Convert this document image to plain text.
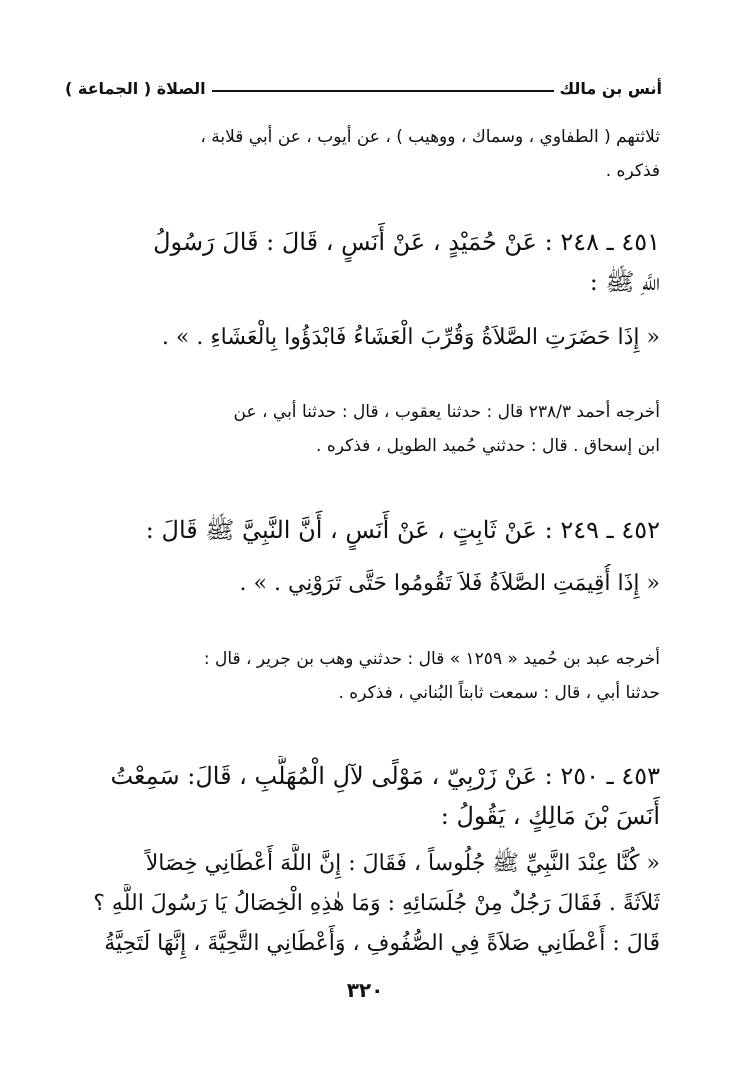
أنس بن مالك
الصلاة ( الجماعة )
ثلاثتهم ( الطفاوي ، وسماك ، ووهيب ) ، عن أيوب ، عن أبي قلابة ،
فذكره .
٤٥١ ـ ٢٤٨ : عَنْ حُمَيْدٍ ، عَنْ أَنَسٍ ، قَالَ : قَالَ رَسُولُ
اللَّهِ ﷺ :
« إِذَا حَضَرَتِ الصَّلاَةُ وَقُرِّبَ الْعَشَاءُ فَابْدَؤُوا بِالْعَشَاءِ . » .
أخرجه أحمد ٢٣٨/٣ قال : حدثنا يعقوب ، قال : حدثنا أبي ، عن
ابن إسحاق . قال : حدثني حُميد الطويل ، فذكره .
٤٥٢ ـ ٢٤٩ : عَنْ ثَابِتٍ ، عَنْ أَنَسٍ ، أَنَّ النَّبِيَّ ﷺ قَالَ :
« إِذَا أُقِيمَتِ الصَّلاَةُ فَلاَ تَقُومُوا حَتَّى تَرَوْنِي . » .
أخرجه عبد بن حُميد « ١٢٥٩ » قال : حدثني وهب بن جرير ، قال :
حدثنا أبي ، قال : سمعت ثابتاً البُناني ، فذكره .
٤٥٣ ـ ٢٥٠ : عَنْ زَرْبِيّ ، مَوْلًى لآلِ الْمُهَلَّبِ ، قَالَ: سَمِعْتُ
أَنَسَ بْنَ مَالِكٍ ، يَقُولُ :
« كُنَّا عِنْدَ النَّبِيِّ ﷺ جُلُوساً ، فَقَالَ : إِنَّ اللَّهَ أَعْطَانِي خِصَالاً
ثَلاَثَةً . فَقَالَ رَجُلٌ مِنْ جُلَسَائِهِ : وَمَا هٰذِهِ الْخِصَالُ يَا رَسُولَ اللَّهِ ؟
قَالَ : أَعْطَانِي صَلاَةً فِي الصُّفُوفِ ، وَأَعْطَانِي التَّحِيَّةَ ، إِنَّهَا لَتَحِيَّةُ
٣٢٠
